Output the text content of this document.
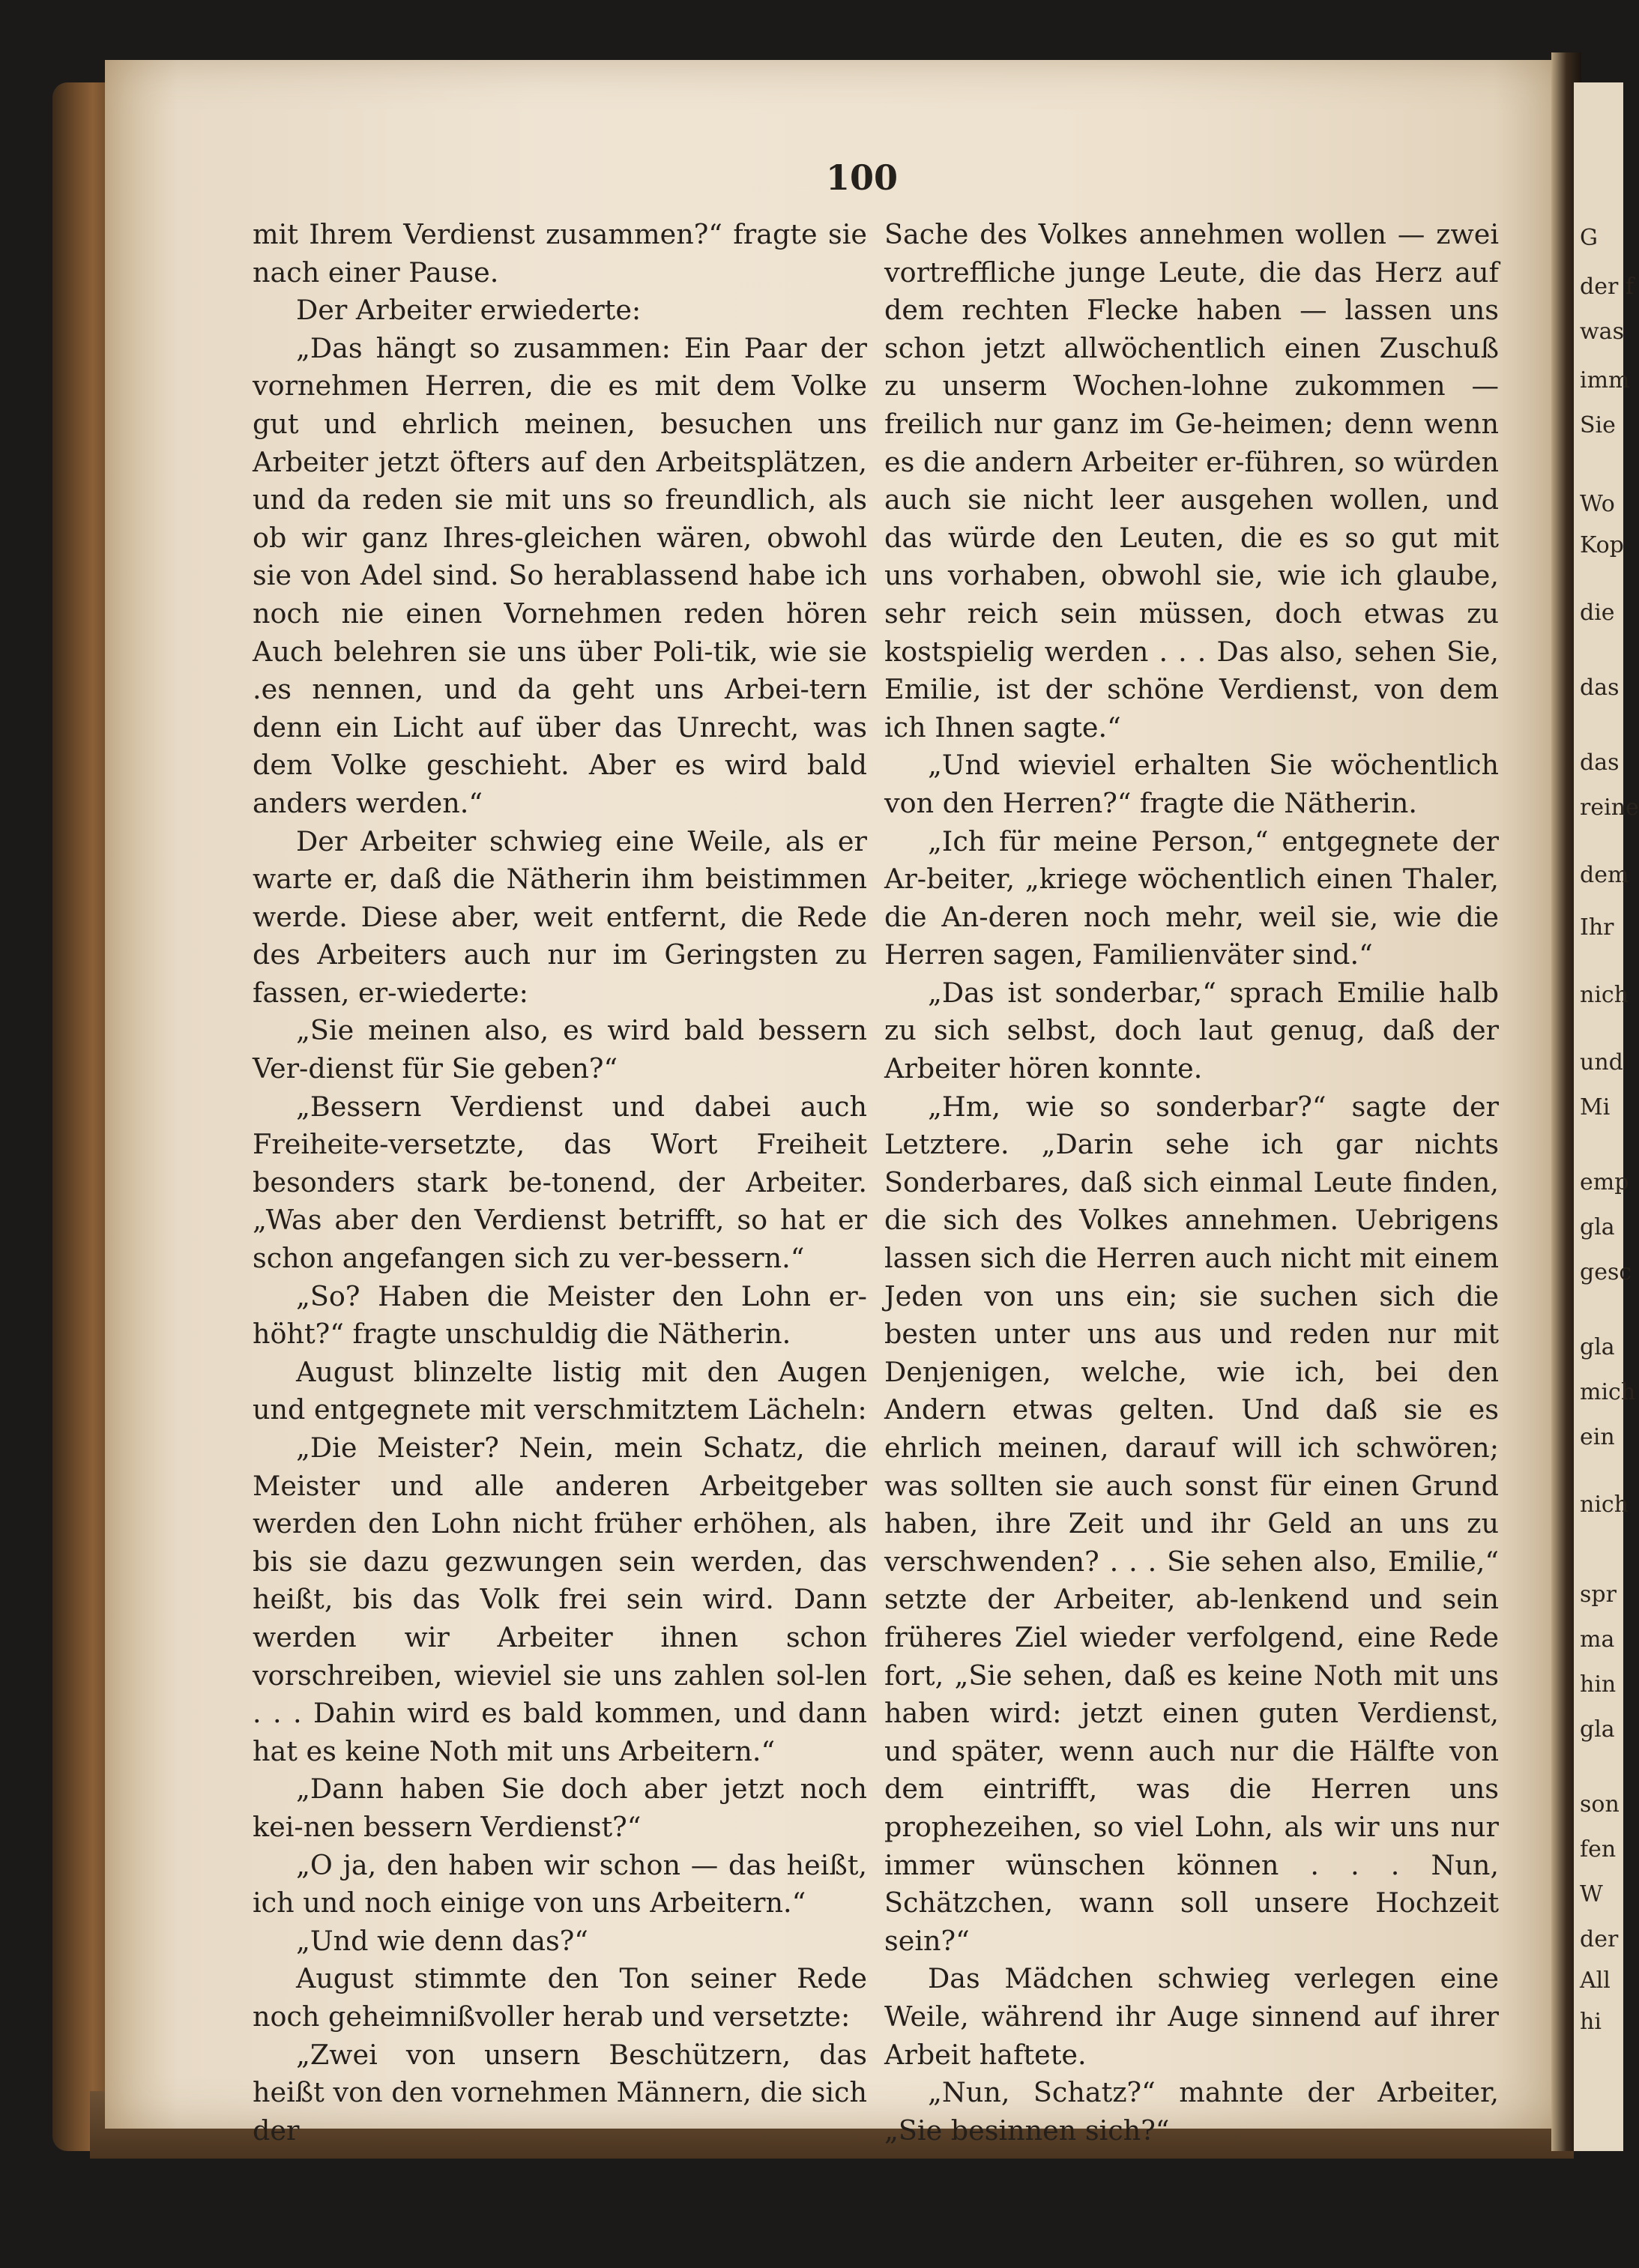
100

mit Ihrem Verdienst zusammen?“ fragte sie nach einer Pause.

Der Arbeiter erwiederte:

„Das hängt so zusammen: Ein Paar der vornehmen Herren, die es mit dem Volke gut und ehrlich meinen, besuchen uns Arbeiter jetzt öfters auf den Arbeitsplätzen, und da reden sie mit uns so freundlich, als ob wir ganz Ihres-gleichen wären, obwohl sie von Adel sind. So herablassend habe ich noch nie einen Vornehmen reden hören Auch belehren sie uns über Poli-tik, wie sie .es nennen, und da geht uns Arbei-tern denn ein Licht auf über das Unrecht, was dem Volke geschieht. Aber es wird bald anders werden.“

Der Arbeiter schwieg eine Weile, als er warte er, daß die Nätherin ihm beistimmen werde. Diese aber, weit entfernt, die Rede des Arbeiters auch nur im Geringsten zu fassen, er-wiederte:

„Sie meinen also, es wird bald bessern Ver-dienst für Sie geben?“

„Bessern Verdienst und dabei auch Freiheite-versetzte, das Wort Freiheit besonders stark be-tonend, der Arbeiter. „Was aber den Verdienst betrifft, so hat er schon angefangen sich zu ver-bessern.“

„So? Haben die Meister den Lohn er-höht?“ fragte unschuldig die Nätherin.

August blinzelte listig mit den Augen und entgegnete mit verschmitztem Lächeln:

„Die Meister? Nein, mein Schatz, die Meister und alle anderen Arbeitgeber werden den Lohn nicht früher erhöhen, als bis sie dazu gezwungen sein werden, das heißt, bis das Volk frei sein wird. Dann werden wir Arbeiter ihnen schon vorschreiben, wieviel sie uns zahlen sol-len . . . Dahin wird es bald kommen, und dann hat es keine Noth mit uns Arbeitern.“

„Dann haben Sie doch aber jetzt noch kei-nen bessern Verdienst?“

„O ja, den haben wir schon — das heißt, ich und noch einige von uns Arbeitern.“

„Und wie denn das?“

August stimmte den Ton seiner Rede noch geheimnißvoller herab und versetzte:

„Zwei von unsern Beschützern, das heißt von den vornehmen Männern, die sich der

Sache des Volkes annehmen wollen — zwei vortreffliche junge Leute, die das Herz auf dem rechten Flecke haben — lassen uns schon jetzt allwöchentlich einen Zuschuß zu unserm Wochen-lohne zukommen — freilich nur ganz im Ge-heimen; denn wenn es die andern Arbeiter er-führen, so würden auch sie nicht leer ausgehen wollen, und das würde den Leuten, die es so gut mit uns vorhaben, obwohl sie, wie ich glaube, sehr reich sein müssen, doch etwas zu kostspielig werden . . . Das also, sehen Sie, Emilie, ist der schöne Verdienst, von dem ich Ihnen sagte.“

„Und wieviel erhalten Sie wöchentlich von den Herren?“ fragte die Nätherin.

„Ich für meine Person,“ entgegnete der Ar-beiter, „kriege wöchentlich einen Thaler, die An-deren noch mehr, weil sie, wie die Herren sagen, Familienväter sind.“

„Das ist sonderbar,“ sprach Emilie halb zu sich selbst, doch laut genug, daß der Arbeiter hören konnte.

„Hm, wie so sonderbar?“ sagte der Letztere. „Darin sehe ich gar nichts Sonderbares, daß sich einmal Leute finden, die sich des Volkes annehmen. Uebrigens lassen sich die Herren auch nicht mit einem Jeden von uns ein; sie suchen sich die besten unter uns aus und reden nur mit Denjenigen, welche, wie ich, bei den Andern etwas gelten. Und daß sie es ehrlich meinen, darauf will ich schwören; was sollten sie auch sonst für einen Grund haben, ihre Zeit und ihr Geld an uns zu verschwenden? . . . Sie sehen also, Emilie,“ setzte der Arbeiter, ab-lenkend und sein früheres Ziel wieder verfolgend, eine Rede fort, „Sie sehen, daß es keine Noth mit uns haben wird: jetzt einen guten Verdienst, und später, wenn auch nur die Hälfte von dem eintrifft, was die Herren uns prophezeihen, so viel Lohn, als wir uns nur immer wünschen können . . . Nun, Schätzchen, wann soll unsere Hochzeit sein?“

Das Mädchen schwieg verlegen eine Weile, während ihr Auge sinnend auf ihrer Arbeit haftete.

„Nun, Schatz?“ mahnte der Arbeiter, „Sie besinnen sich?“

G
der f
was
imm
Sie
Wo
Kop
die
das
das
reine
dem
Ihr
nich
und
Mi
emp
gla
gesc
gla
mich
ein
nich
spr
ma
hin
gla
son
fen
W
der
All
hi
